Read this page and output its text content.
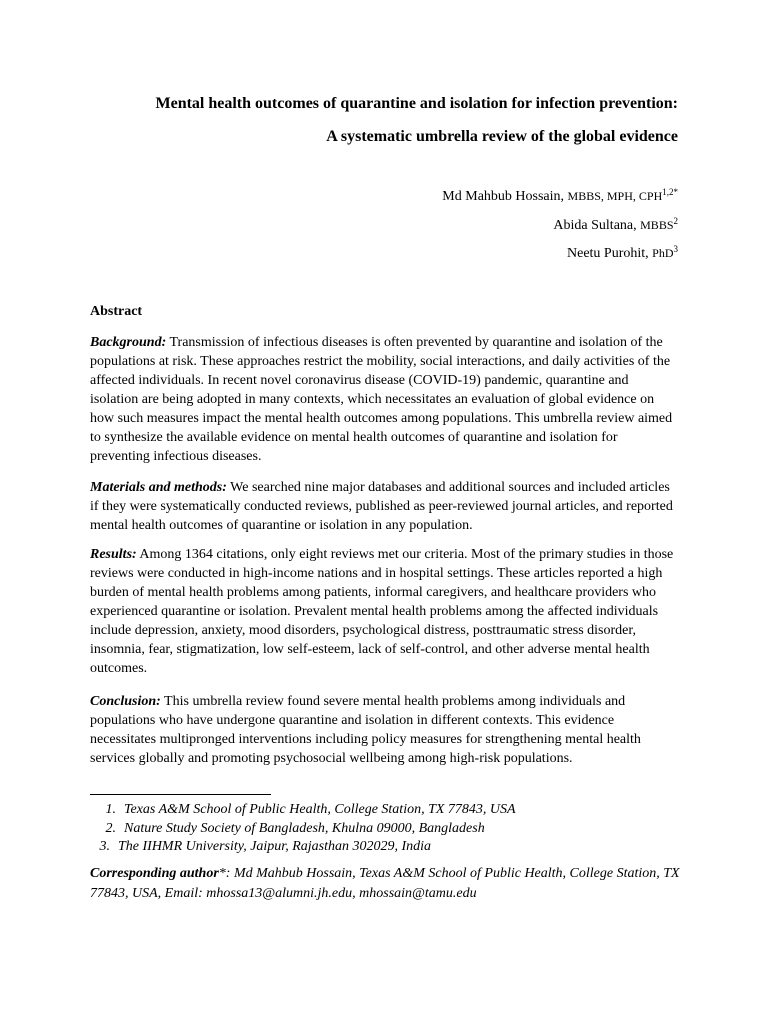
Mental health outcomes of quarantine and isolation for infection prevention:
A systematic umbrella review of the global evidence
Md Mahbub Hossain, MBBS, MPH, $CPH^{1,2*}$
Abida Sultana, MBBS$^2$
Neetu Purohit, PhD$^3$
Abstract

Background: Transmission of infectious diseases is often prevented by quarantine and isolation of the populations at risk. These approaches restrict the mobility, social interactions, and daily activities of the affected individuals. In recent novel coronavirus disease (COVID-19) pandemic, quarantine and isolation are being adopted in many contexts, which necessitates an evaluation of global evidence on how such measures impact the mental health outcomes among populations. This umbrella review aimed to synthesize the available evidence on mental health outcomes of quarantine and isolation for preventing infectious diseases.

Materials and methods: We searched nine major databases and additional sources and included articles if they were systematically conducted reviews, published as peer-reviewed journal articles, and reported mental health outcomes of quarantine or isolation in any population.

Results: Among 1364 citations, only eight reviews met our criteria. Most of the primary studies in those reviews were conducted in high-income nations and in hospital settings. These articles reported a high burden of mental health problems among patients, informal caregivers, and healthcare providers who experienced quarantine or isolation. Prevalent mental health problems among the affected individuals include depression, anxiety, mood disorders, psychological distress, posttraumatic stress disorder, insomnia, fear, stigmatization, low self-esteem, lack of self-control, and other adverse mental health outcomes.

Conclusion: This umbrella review found severe mental health problems among individuals and populations who have undergone quarantine and isolation in different contexts. This evidence necessitates multipronged interventions including policy measures for strengthening mental health services globally and promoting psychosocial wellbeing among high-risk populations.

1. Texas A&M School of Public Health, College Station, TX 77843, USA
2. Nature Study Society of Bangladesh, Khulna 09000, Bangladesh
3. The IIHMR University, Jaipur, Rajasthan 302029, India

Corresponding author*: Md Mahbub Hossain, Texas A&M School of Public Health, College Station, TX 77843, USA, Email: mhossa13@alumni.jh.edu, mhossain@tamu.edu
